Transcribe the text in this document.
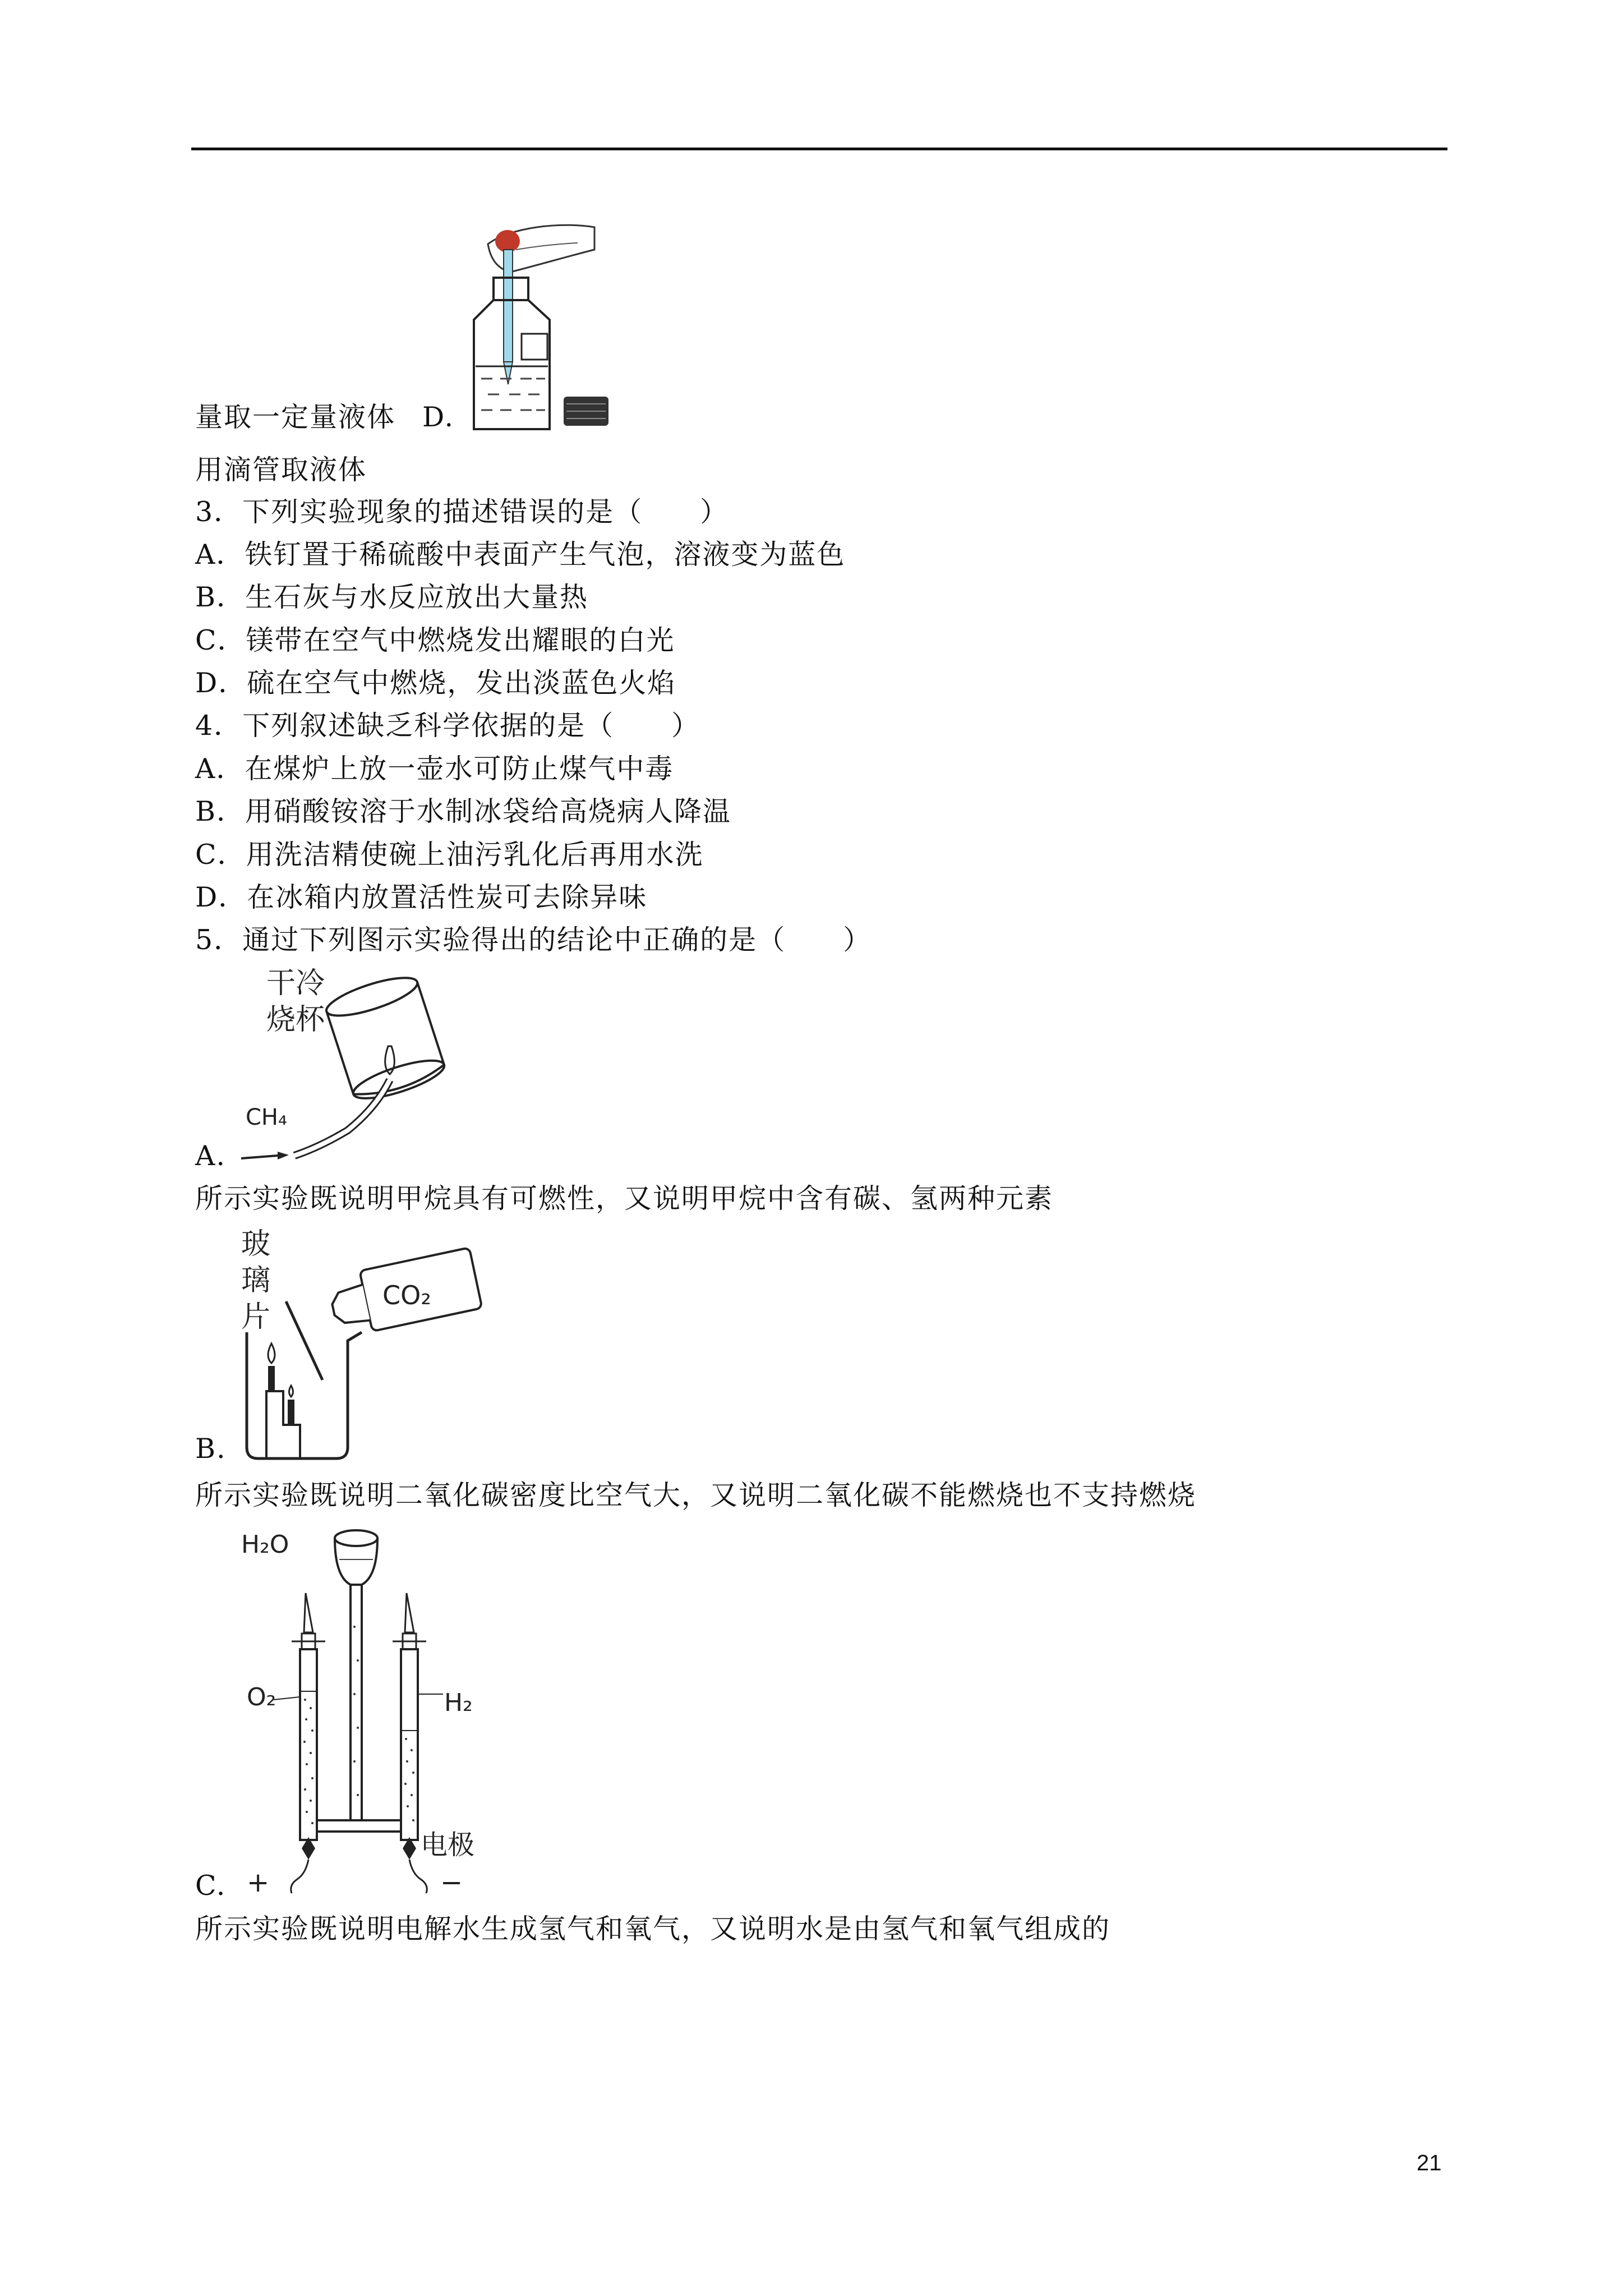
量取一定量液体 D.
用滴管取液体
3．下列实验现象的描述错误的是（　　）
A．铁钉置于稀硫酸中表面产生气泡，溶液变为蓝色
B．生石灰与水反应放出大量热
C．镁带在空气中燃烧发出耀眼的白光
D．硫在空气中燃烧，发出淡蓝色火焰
4．下列叙述缺乏科学依据的是（　　）
A．在煤炉上放一壶水可防止煤气中毒
B．用硝酸铵溶于水制冰袋给高烧病人降温
C．用洗洁精使碗上油污乳化后再用水洗
D．在冰箱内放置活性炭可去除异味
5．通过下列图示实验得出的结论中正确的是（　　）
干冷
烧杯
CH₄
A.
所示实验既说明甲烷具有可燃性，又说明甲烷中含有碳、氢两种元素
玻
璃
片
CO₂
B.
所示实验既说明二氧化碳密度比空气大，又说明二氧化碳不能燃烧也不支持燃烧
H₂O
O₂	H₂
电极
+	−
C.
所示实验既说明电解水生成氢气和氧气，又说明水是由氢气和氧气组成的
21
